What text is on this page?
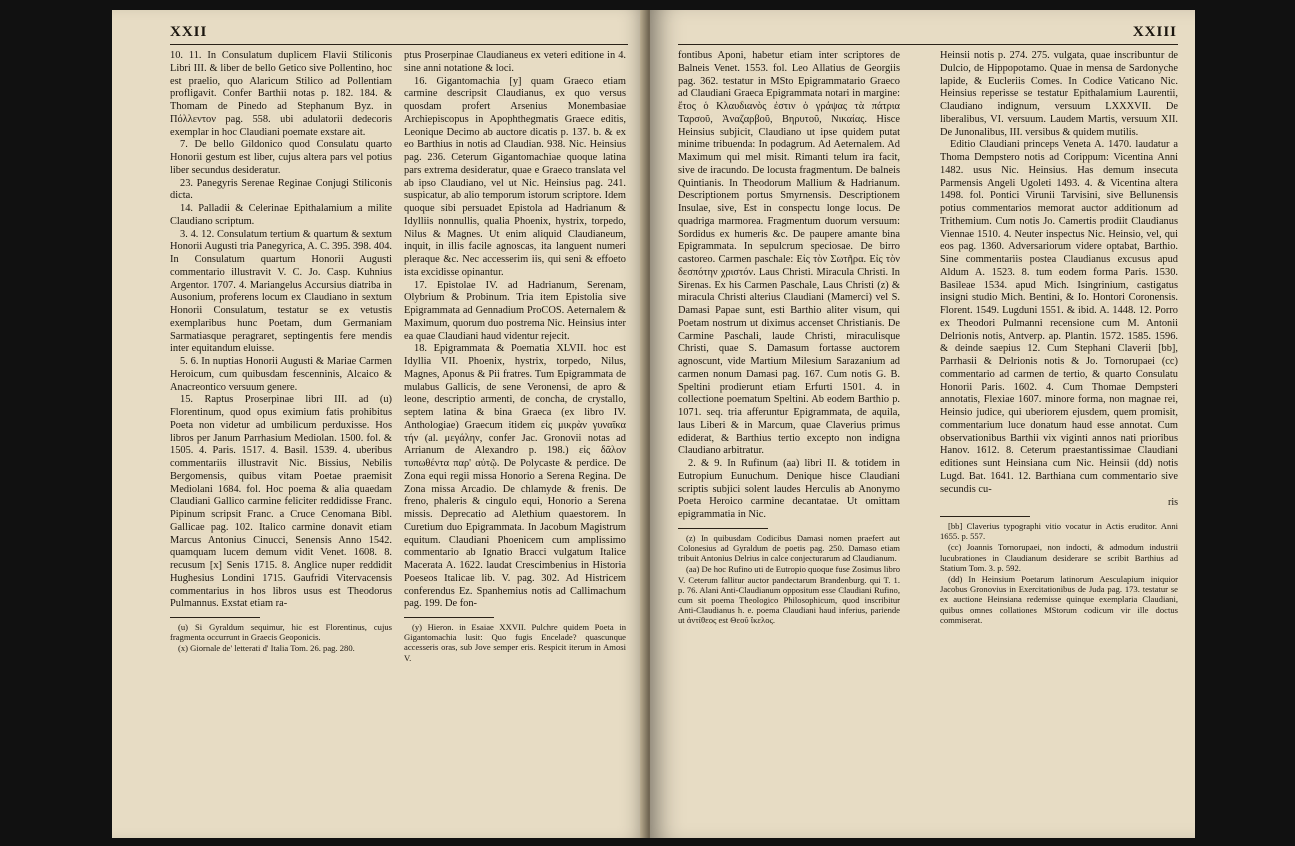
XXII

10. 11. In Consulatum duplicem Flavii Stiliconis Libri III. & liber de bello Getico sive Pollentino, hoc est praelio, quo Alaricum Stilico ad Pollentiam profligavit. Confer Barthii notas p. 182. 184. & Thomam de Pinedo ad Stephanum Byz. in Πόλλεντον pag. 558. ubi adulatorii dedecoris exemplar in hoc Claudiani poemate exstare ait.

7. De bello Gildonico quod Consulatu quarto Honorii gestum est liber, cujus altera pars vel potius liber secundus desideratur.

23. Panegyris Serenae Reginae Conjugi Stiliconis dicta.

14. Palladii & Celerinae Epithalamium a milite Claudiano scriptum.

3. 4. 12. Consulatum tertium & quartum & sextum Honorii Augusti tria Panegyrica, A. C. 395. 398. 404. In Consulatum quartum Honorii Augusti commentario illustravit V. C. Jo. Casp. Kuhnius Argentor. 1707. 4. Mariangelus Accursius diatriba in Ausonium, proferens locum ex Claudiano in sextum Honorii Consulatum, testatur se ex vetustis exemplaribus hunc Poetam, dum Germaniam Sarmatiasque peragraret, septingentis fere mendis inter equitandum eluisse.

5. 6. In nuptias Honorii Augusti & Mariae Carmen Heroicum, cum quibusdam fescenninis, Alcaico & Anacreontico versuum genere.

15. Raptus Proserpinae libri III. ad (u) Florentinum, quod opus eximium fatis prohibitus Poeta non videtur ad umbilicum perduxisse. Hos libros per Janum Parrhasium Mediolan. 1500. fol. & 1505. 4. Paris. 1517. 4. Basil. 1539. 4. uberibus commentariis illustravit Nic. Bissius, Nebilis Bergomensis, quibus vitam Poetae praemisit Mediolani 1684. fol. Hoc poema & alia quaedam Claudiani Gallico carmine feliciter reddidisse Franc. Pipinum scripsit Franc. a Cruce Cenomana Bibl. Gallicae pag. 102. Italico carmine donavit etiam Marcus Antonius Cinucci, Senensis Anno 1542. quamquam lucem demum vidit Venet. 1608. 8. recusum [x] Senis 1715. 8. Anglice nuper reddidit Hughesius Londini 1715. Gaufridi Vitervacensis commentarius in hos libros usus est Theodorus Pulmannus. Exstat etiam ra-

(u) Si Gyraldum sequimur, hic est Florentinus, cujus fragmenta occurrunt in Graecis Geoponicis.

(x) Giornale de' letterati d' Italia Tom. 26. pag. 280.

ptus Proserpinae Claudianeus ex veteri editione in 4. sine anni notatione & loci.

16. Gigantomachia [y] quam Graeco etiam carmine descripsit Claudianus, ex quo versus quosdam profert Arsenius Monembasiae Archiepiscopus in Apophthegmatis Graece editis, Leonique Decimo ab auctore dicatis p. 137. b. & ex eo Barthius in notis ad Claudian. 938. Nic. Heinsius pag. 236. Ceterum Gigantomachiae quoque latina pars extrema desideratur, quae e Graeco translata vel ab ipso Claudiano, vel ut Nic. Heinsius pag. 241. suspicatur, ab alio temporum istorum scriptore. Idem quoque sibi persuadet Epistola ad Hadrianum & Idylliis nonnullis, qualia Phoenix, hystrix, torpedo, Nilus & Magnes. Ut enim aliquid Claudianeum, inquit, in illis facile agnoscas, ita languent numeri pleraque &c. Nec accesserim iis, qui seni & effoeto ista excidisse opinantur.

17. Epistolae IV. ad Hadrianum, Serenam, Olybrium & Probinum. Tria item Epistolia sive Epigrammata ad Gennadium ProCOS. Aeternalem & Maximum, quorum duo postrema Nic. Heinsius inter ea quae Claudiani haud videntur rejecit.

18. Epigrammata & Poematia XLVII. hoc est Idyllia VII. Phoenix, hystrix, torpedo, Nilus, Magnes, Aponus & Pii fratres. Tum Epigrammata de mulabus Gallicis, de sene Veronensi, de apro & leone, descriptio armenti, de concha, de crystallo, septem latina & bina Graeca (ex libro IV. Anthologiae) Graecum itidem εἰς μικρὰν γυναῖκα τήν (al. μεγάλην, confer Jac. Gronovii notas ad Arrianum de Alexandro p. 198.) εἰς δᾶλον τυπωθέντα παρ' αὐτῷ. De Polycaste & perdice. De Zona equi regii missa Honorio a Serena Regina. De Zona missa Arcadio. De chlamyde & frenis. De freno, phaleris & cingulo equi, Honorio a Serena missis. Deprecatio ad Alethium quaestorem. In Curetium duo Epigrammata. In Jacobum Magistrum equitum. Claudiani Phoenicem cum amplissimo commentario ab Ignatio Bracci vulgatum Italice Macerata A. 1622. laudat Crescimbenius in Historia Poeseos Italicae lib. V. pag. 302. Ad Histricem conferendus Ez. Spanhemius notis ad Callimachum pag. 199. De fon-

(y) Hieron. in Esaiae XXVII. Pulchre quidem Poeta in Gigantomachia lusit: Quo fugis Encelade? quascunque accesseris oras, sub Jove semper eris. Respicit iterum in Amosi V.

XXIII

fontibus Aponi, habetur etiam inter scriptores de Balneis Venet. 1553. fol. Leo Allatius de Georgiis pag. 362. testatur in MSto Epigrammatario Graeco ad Claudiani Graeca Epigrammata notari in margine: ἔτος ὁ Κλαυδιανὸς ἐστιν ὁ γράψας τὰ πάτρια Ταρσοῦ, Ἀναζαρβοῦ, Βηρυτοῦ, Νικαίας. Hisce Heinsius subjicit, Claudiano ut ipse quidem putat minime tribuenda: In podagrum. Ad Aeternalem. Ad Maximum qui mel misit. Rimanti telum ira facit, sive de iracundo. De locusta fragmentum. De balneis Quintianis. In Theodorum Mallium & Hadrianum. Descriptionem portus Smyrnensis. Descriptionem Insulae, sive, Est in conspectu longe locus. De quadriga marmorea. Fragmentum duorum versuum: Sordidus ex humeris &c. De paupere amante bina Epigrammata. In sepulcrum speciosae. De birro castoreo. Carmen paschale: Εἰς τὸν Σωτῆρα. Εἰς τὸν δεσπότην χριστόν. Laus Christi. Miracula Christi. In Sirenas. Ex his Carmen Paschale, Laus Christi (z) & miracula Christi alterius Claudiani (Mamerci) vel S. Damasi Papae sunt, esti Barthio aliter visum, qui Poetam nostrum ut diximus accenset Christianis. De Carmine Paschali, laude Christi, miraculisque Christi, quae S. Damasum fortasse auctorem agnoscunt, vide Martium Milesium Sarazanium ad carmen nonum Damasi pag. 167. Cum notis G. B. Speltini prodierunt etiam Erfurti 1501. 4. in collectione poematum Speltini. Ab eodem Barthio p. 1071. seq. tria afferuntur Epigrammata, de aquila, laus Liberi & in Marcum, quae Claverius primus ediderat, & Barthius tertio excepto non indigna Claudiano arbitratur.

2. & 9. In Rufinum (aa) libri II. & totidem in Eutropium Eunuchum. Denique hisce Claudiani scriptis subjici solent laudes Herculis ab Anonymo Poeta Heroico carmine decantatae. Ut omittam epigrammatia in Nic.

(z) In quibusdam Codicibus Damasi nomen praefert aut Colonesius ad Gyraldum de poetis pag. 250. Damaso etiam tribuit Antonius Delrius in calce conjecturarum ad Claudianum.

(aa) De hoc Rufino uti de Eutropio quoque fuse Zosimus libro V. Ceterum fallitur auctor pandectarum Brandenburg. qui T. 1. p. 76. Alani Anti-Claudianum oppositum esse Claudiani Rufino, cum sit poema Theologico Philosophicum, quod inscribitur Anti-Claudianus h. e. poema Claudiani haud inferius, pariende ut ἀντίθεος est Θεοῦ ἴκελος.

Heinsii notis p. 274. 275. vulgata, quae inscribuntur de Dulcio, de Hippopotamo. Quae in mensa de Sardonyche lapide, & Eucleriis Comes. In Codice Vaticano Nic. Heinsius reperisse se testatur Epithalamium Laurentii, Claudiano indignum, versuum LXXXVII. De liberalibus, VI. versuum. Laudem Martis, versuum XII. De Junonalibus, III. versibus & quidem mutilis.

Editio Claudiani princeps Veneta A. 1470. laudatur a Thoma Dempstero notis ad Corippum: Vicentina Anni 1482. usus Nic. Heinsius. Has demum insecuta Parmensis Angeli Ugoleti 1493. 4. & Vicentina altera 1498. fol. Pontici Virunii Tarvisini, sive Bellunensis potius commentarios memorat auctor additionum ad Trithemium. Cum notis Jo. Camertis prodiit Claudianus Viennae 1510. 4. Neuter inspectus Nic. Heinsio, vel, qui eos pag. 1360. Adversariorum videre optabat, Barthio. Sine commentariis postea Claudianus excusus apud Aldum A. 1523. 8. tum eodem forma Paris. 1530. Basileae 1534. apud Mich. Isingrinium, castigatus insigni studio Mich. Bentini, & Io. Hontori Coronensis. Florent. 1549. Lugduni 1551. & ibid. A. 1448. 12. Porro ex Theodori Pulmanni recensione cum M. Antonii Delrionis notis, Antverp. ap. Plantin. 1572. 1585. 1596. & deinde saepius 12. Cum Stephani Claverii [bb], Parrhasii & Delrionis notis & Jo. Tornorupaei (cc) commentario ad carmen de tertio, & quarto Consulatu Honorii Paris. 1602. 4. Cum Thomae Dempsteri annotatis, Flexiae 1607. minore forma, non magnae rei, Heinsio judice, qui uberiorem ejusdem, quem promisit, commentarium luce donatum haud esse annotat. Cum observationibus Barthii vix viginti annos nati prioribus Hanov. 1612. 8. Ceterum praestantissimae Claudiani editiones sunt Heinsiana cum Nic. Heinsii (dd) notis Lugd. Bat. 1641. 12. Barthiana cum commentario sive secundis cu-

ris

[bb] Claverius typographi vitio vocatur in Actis eruditor. Anni 1655. p. 557.

(cc) Joannis Tornorupaei, non indocti, & admodum industrii lucubrationes in Claudianum desiderare se scribit Barthius ad Statium Tom. 3. p. 592.

(dd) In Heinsium Poetarum latinorum Aesculapium iniquior Jacobus Gronovius in Exercitationibus de Juda pag. 173. testatur se ex auctione Heinsiana redemisse quinque exemplaria Claudiani, quibus omnes collationes MStorum codicum vir ille doctus commiserat.
